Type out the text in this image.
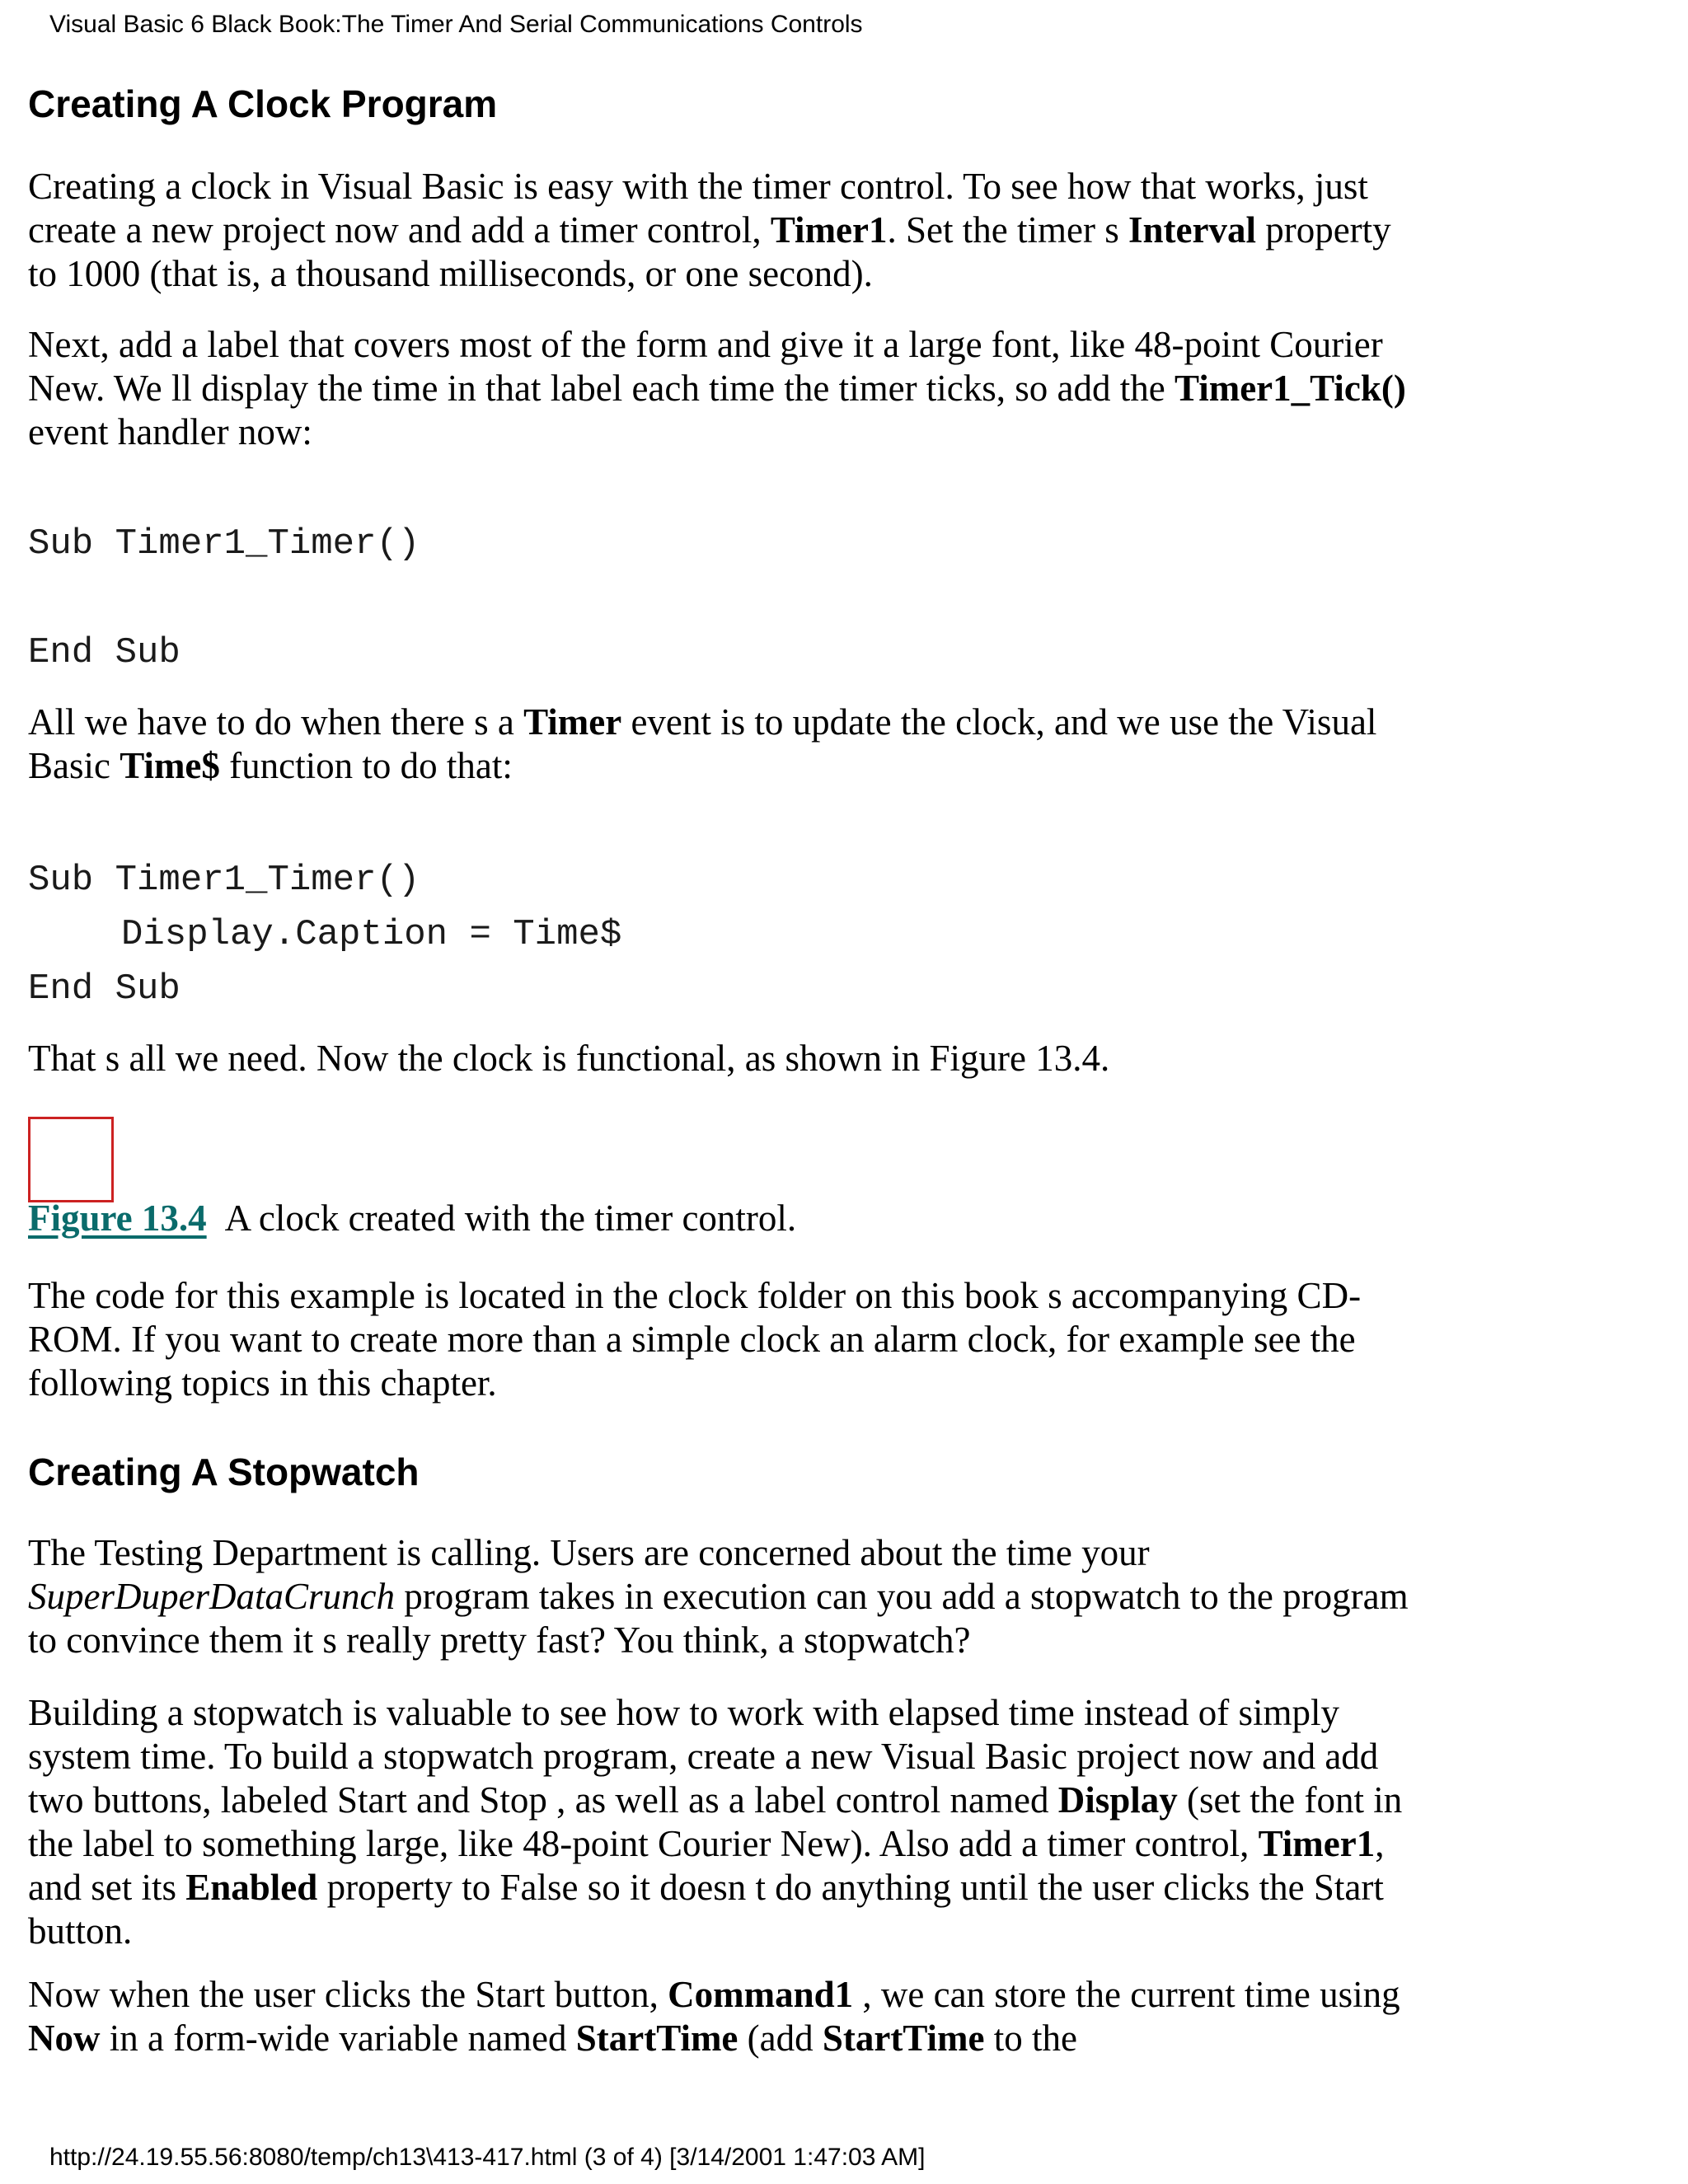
Visual Basic 6 Black Book:The Timer And Serial Communications Controls
Creating A Clock Program
Creating a clock in Visual Basic is easy with the timer control. To see how that works, just create a new project now and add a timer control, Timer1. Set the timer s Interval property to 1000 (that is, a thousand milliseconds, or one second).
Next, add a label that covers most of the form and give it a large font, like 48-point Courier New. We ll display the time in that label each time the timer ticks, so add the Timer1_Tick() event handler now:
Sub Timer1_Timer()
End Sub
All we have to do when there s a Timer event is to update the clock, and we use the Visual Basic Time$ function to do that:
Sub Timer1_Timer()
Display.Caption = Time$
End Sub
That s all we need. Now the clock is functional, as shown in Figure 13.4.
Figure 13.4 A clock created with the timer control.
The code for this example is located in the clock folder on this book s accompanying CD-ROM. If you want to create more than a simple clock an alarm clock, for example see the following topics in this chapter.
Creating A Stopwatch
The Testing Department is calling. Users are concerned about the time your SuperDuperDataCrunch program takes in execution can you add a stopwatch to the program to convince them it s really pretty fast? You think, a stopwatch?
Building a stopwatch is valuable to see how to work with elapsed time instead of simply system time. To build a stopwatch program, create a new Visual Basic project now and add two buttons, labeled Start and Stop , as well as a label control named Display (set the font in the label to something large, like 48-point Courier New). Also add a timer control, Timer1, and set its Enabled property to False so it doesn t do anything until the user clicks the Start button.
Now when the user clicks the Start button, Command1 , we can store the current time using Now in a form-wide variable named StartTime (add StartTime to the
http://24.19.55.56:8080/temp/ch13\413-417.html (3 of 4) [3/14/2001 1:47:03 AM]
